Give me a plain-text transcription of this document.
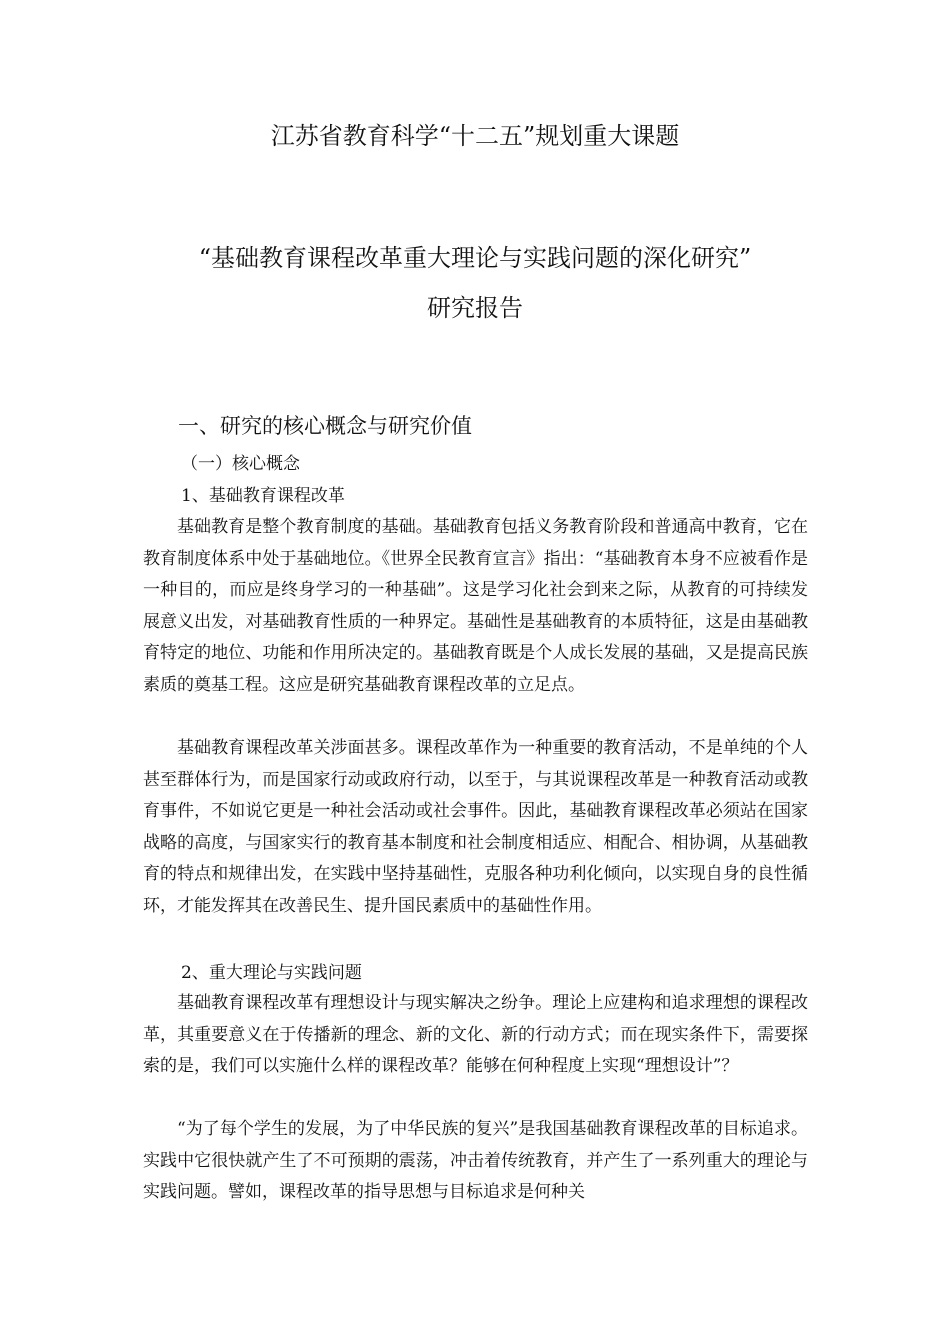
江苏省教育科学“十二五”规划重大课题
“基础教育课程改革重大理论与实践问题的深化研究”
研究报告
一、研究的核心概念与研究价值
（一）核心概念
1、基础教育课程改革

基础教育是整个教育制度的基础。基础教育包括义务教育阶段和普通高中教育，它在教育制度体系中处于基础地位。《世界全民教育宣言》指出：“基础教育本身不应被看作是一种目的，而应是终身学习的一种基础”。这是学习化社会到来之际，从教育的可持续发展意义出发，对基础教育性质的一种界定。基础性是基础教育的本质特征，这是由基础教育特定的地位、功能和作用所决定的。基础教育既是个人成长发展的基础，又是提高民族素质的奠基工程。这应是研究基础教育课程改革的立足点。

基础教育课程改革关涉面甚多。课程改革作为一种重要的教育活动，不是单纯的个人甚至群体行为，而是国家行动或政府行动，以至于，与其说课程改革是一种教育活动或教育事件，不如说它更是一种社会活动或社会事件。因此，基础教育课程改革必须站在国家战略的高度，与国家实行的教育基本制度和社会制度相适应、相配合、相协调，从基础教育的特点和规律出发，在实践中坚持基础性，克服各种功利化倾向，以实现自身的良性循环，才能发挥其在改善民生、提升国民素质中的基础性作用。

2、重大理论与实践问题

基础教育课程改革有理想设计与现实解决之纷争。理论上应建构和追求理想的课程改革，其重要意义在于传播新的理念、新的文化、新的行动方式；而在现实条件下，需要探索的是，我们可以实施什么样的课程改革？能够在何种程度上实现“理想设计”？

“为了每个学生的发展，为了中华民族的复兴”是我国基础教育课程改革的目标追求。实践中它很快就产生了不可预期的震荡，冲击着传统教育，并产生了一系列重大的理论与实践问题。譬如，课程改革的指导思想与目标追求是何种关
